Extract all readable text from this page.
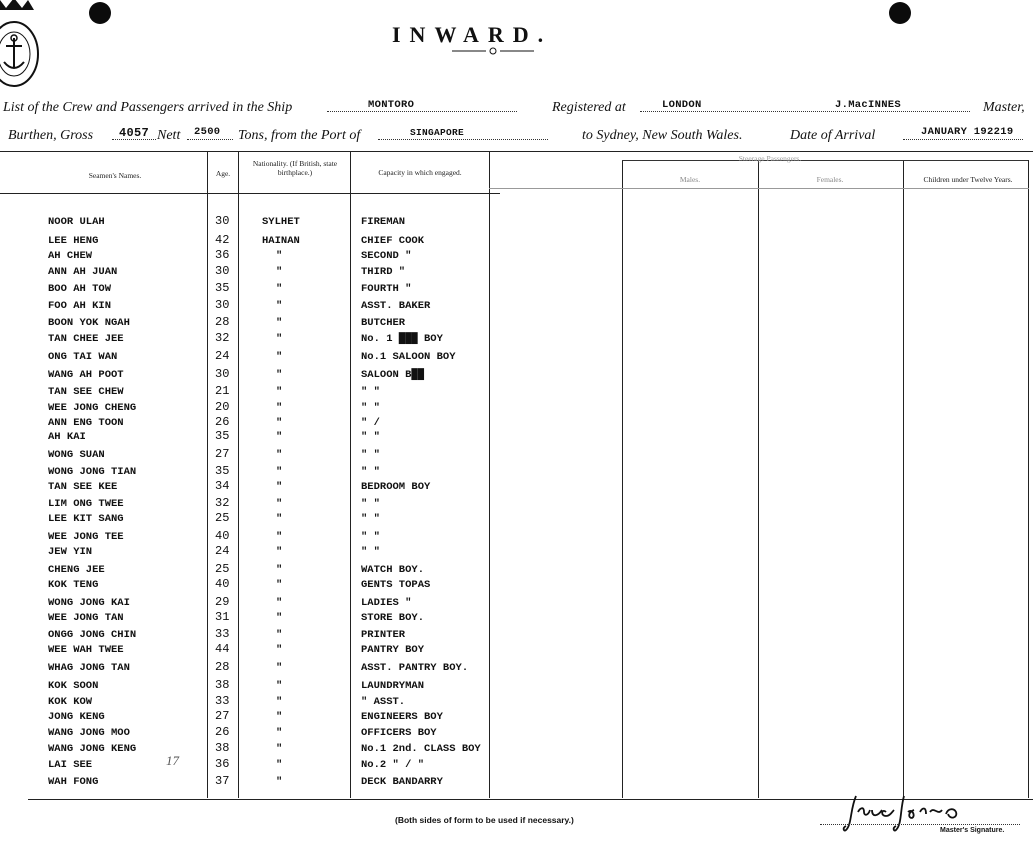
INWARD.
List of the Crew and Passengers arrived in the Ship	MONTORO	Registered at	LONDON	J.MacINNES	Master,
Burthen, Gross 4057 Nett 2500 Tons, from the Port of	SINGAPORE	to Sydney, New South Wales.	Date of Arrival	JANUARY 192219
Seamen's Names.	Age.
Nationality. (If British, state birthplace.)	Capacity in which engaged.
Steerage Passengers.
Males.	Females.	Children under Twelve Years.
NOOR ULAH	30	SYLHET	FIREMAN
LEE HENG	42	HAINAN	CHIEF COOK
AH CHEW	36	"	SECOND "
ANN AH JUAN	30	"	THIRD "
BOO AH TOW	35	"	FOURTH "
FOO AH KIN	30	"	ASST. BAKER
BOON YOK NGAH	28	"	BUTCHER
TAN CHEE JEE	32	"	No. 1 ███ BOY
ONG TAI WAN	24	"	No.1 SALOON BOY
WANG AH POOT	30	"	SALOON B██
TAN SEE CHEW	21	"	" "
WEE JONG CHENG	20	"	" "
ANN ENG TOON	26	"	" /
AH KAI	35	"	" "
WONG SUAN	27	"	" "
WONG JONG TIAN	35	"	" "
TAN SEE KEE	34	"	BEDROOM BOY
LIM ONG TWEE	32	"	" "
LEE KIT SANG	25	"	" "
WEE JONG TEE	40	"	" "
JEW YIN	24	"	" "
CHENG JEE	25	"	WATCH BOY.
KOK TENG	40	"	GENTS TOPAS
WONG JONG KAI	29	"	LADIES "
WEE JONG TAN	31	"	STORE BOY.
ONGG JONG CHIN	33	"	PRINTER
WEE WAH TWEE	44	"	PANTRY BOY
WHAG JONG TAN	28	"	ASST. PANTRY BOY.
KOK SOON	38	"	LAUNDRYMAN
KOK KOW	33	"	" ASST.
JONG KENG	27	"	ENGINEERS BOY
WANG JONG MOO	26	"	OFFICERS BOY
WANG JONG KENG	38	"	No.1 2nd. CLASS BOY
LAI SEE	36	"	No.2 " / "
WAH FONG	37	"	DECK BANDARRY
17
(Both sides of form to be used if necessary.)
Master's Signature.
